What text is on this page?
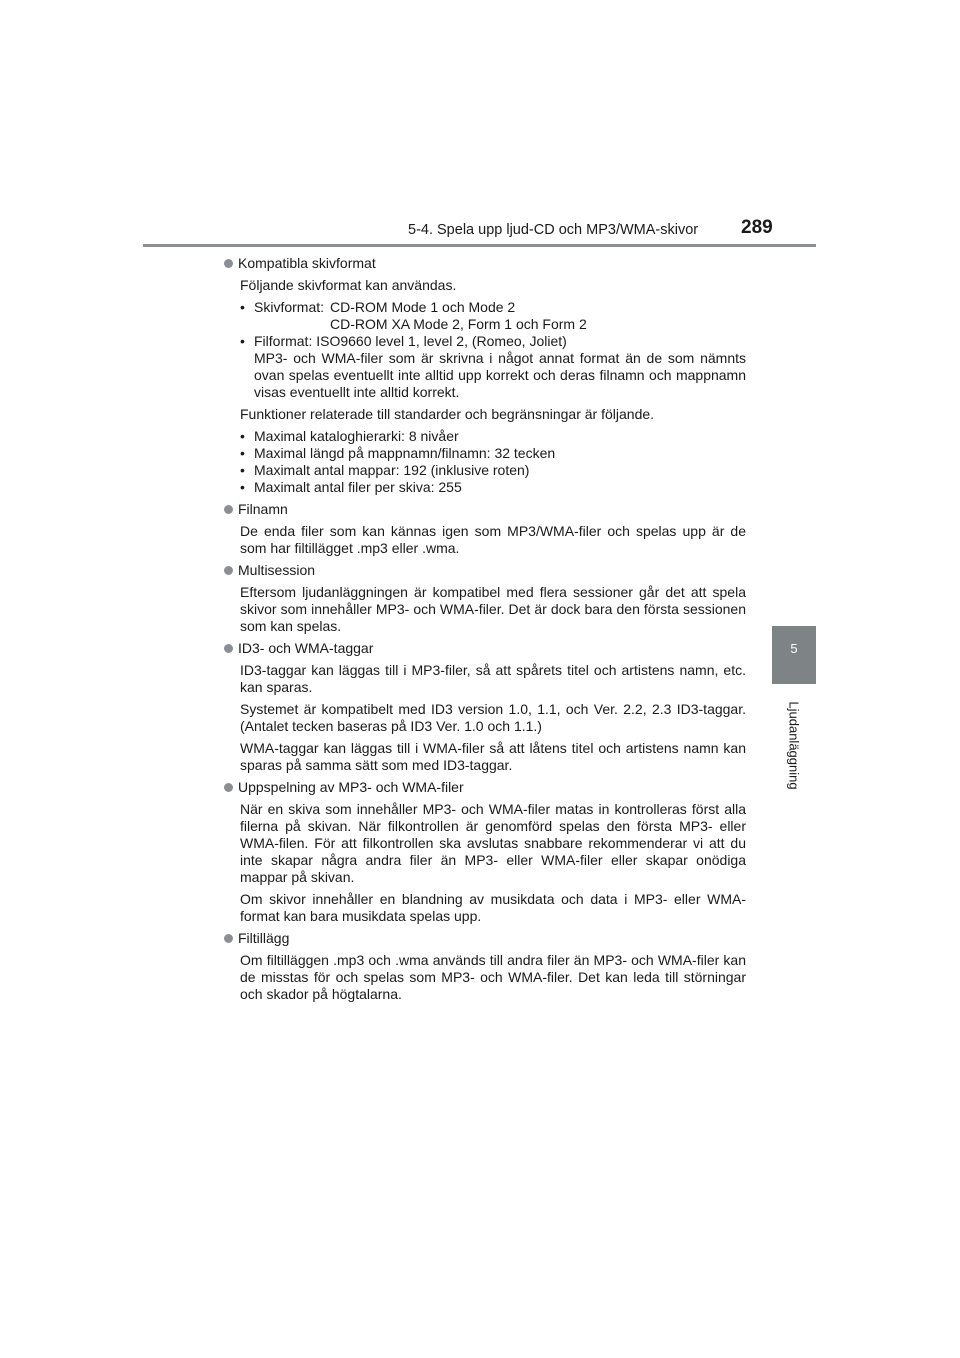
5-4. Spela upp ljud-CD och MP3/WMA-skivor 289
5
Ljudanläggning
Kompatibla skivformat

Följande skivformat kan användas.

• Skivformat: CD-ROM Mode 1 och Mode 2
CD-ROM XA Mode 2, Form 1 och Form 2
• Filformat: ISO9660 level 1, level 2, (Romeo, Joliet)
MP3- och WMA-filer som är skrivna i något annat format än de som nämnts ovan spelas eventuellt inte alltid upp korrekt och deras filnamn och mappnamn visas eventuellt inte alltid korrekt.

Funktioner relaterade till standarder och begränsningar är följande.

• Maximal kataloghierarki: 8 nivåer
• Maximal längd på mappnamn/filnamn: 32 tecken
• Maximalt antal mappar: 192 (inklusive roten)
• Maximalt antal filer per skiva: 255
Filnamn

De enda filer som kan kännas igen som MP3/WMA-filer och spelas upp är de som har filtillägget .mp3 eller .wma.

Multisession

Eftersom ljudanläggningen är kompatibel med flera sessioner går det att spela skivor som innehåller MP3- och WMA-filer. Det är dock bara den första sessionen som kan spelas.

ID3- och WMA-taggar

ID3-taggar kan läggas till i MP3-filer, så att spårets titel och artistens namn, etc. kan sparas.

Systemet är kompatibelt med ID3 version 1.0, 1.1, och Ver. 2.2, 2.3 ID3-taggar. (Antalet tecken baseras på ID3 Ver. 1.0 och 1.1.)

WMA-taggar kan läggas till i WMA-filer så att låtens titel och artistens namn kan sparas på samma sätt som med ID3-taggar.

Uppspelning av MP3- och WMA-filer

När en skiva som innehåller MP3- och WMA-filer matas in kontrolleras först alla filerna på skivan. När filkontrollen är genomförd spelas den första MP3- eller WMA-filen. För att filkontrollen ska avslutas snabbare rekommenderar vi att du inte skapar några andra filer än MP3- eller WMA-filer eller skapar onödiga mappar på skivan.

Om skivor innehåller en blandning av musikdata och data i MP3- eller WMA-format kan bara musikdata spelas upp.

Filtillägg

Om filtilläggen .mp3 och .wma används till andra filer än MP3- och WMA-filer kan de misstas för och spelas som MP3- och WMA-filer. Det kan leda till störningar och skador på högtalarna.
